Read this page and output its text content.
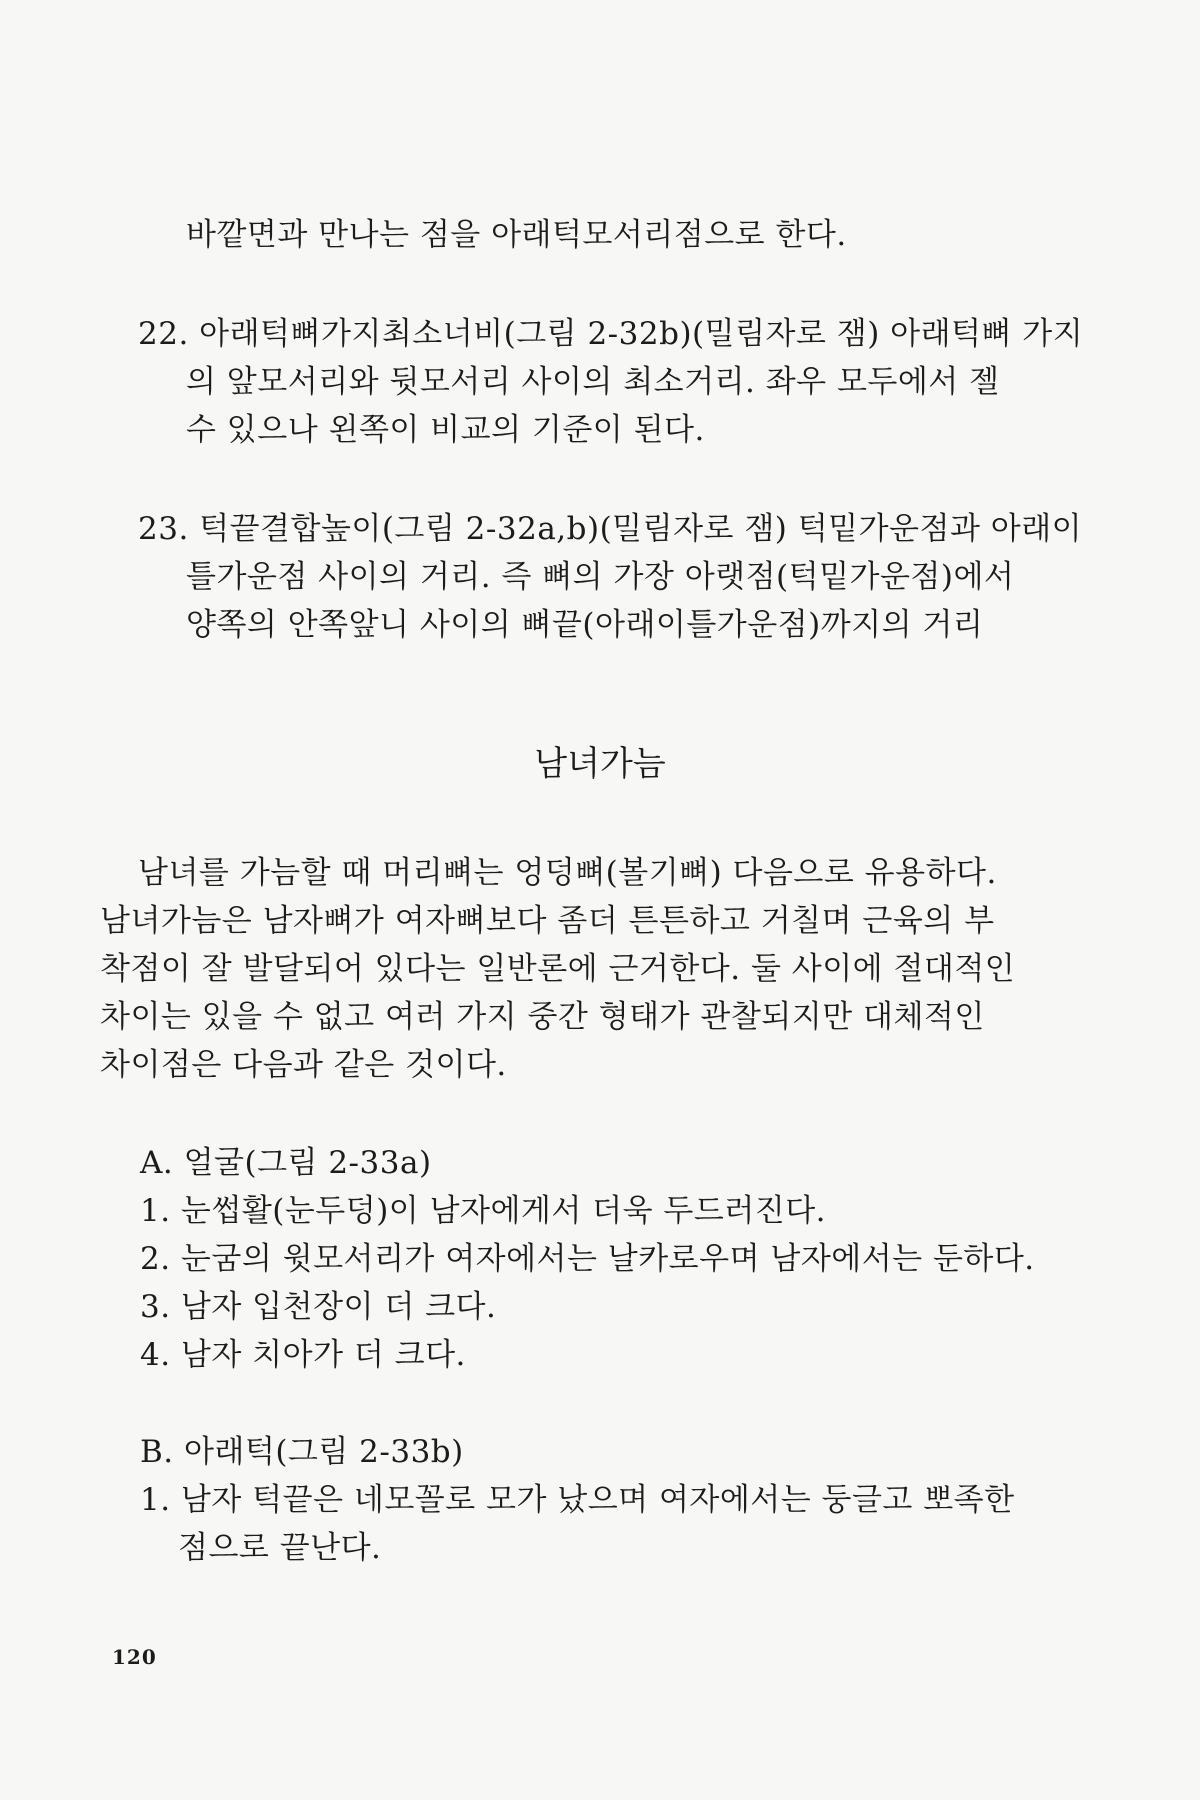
바깥면과 만나는 점을 아래턱모서리점으로 한다.
22. 아래턱뼈가지최소너비(그림 2-32b)(밀림자로 잼) 아래턱뼈 가지
의 앞모서리와 뒷모서리 사이의 최소거리. 좌우 모두에서 젤
수 있으나 왼쪽이 비교의 기준이 된다.
23. 턱끝결합높이(그림 2-32a,b)(밀림자로 잼) 턱밑가운점과 아래이
틀가운점 사이의 거리. 즉 뼈의 가장 아랫점(턱밑가운점)에서
양쪽의 안쪽앞니 사이의 뼈끝(아래이틀가운점)까지의 거리
남녀가늠
남녀를 가늠할 때 머리뼈는 엉덩뼈(볼기뼈) 다음으로 유용하다.
남녀가늠은 남자뼈가 여자뼈보다 좀더 튼튼하고 거칠며 근육의 부
착점이 잘 발달되어 있다는 일반론에 근거한다. 둘 사이에 절대적인
차이는 있을 수 없고 여러 가지 중간 형태가 관찰되지만 대체적인
차이점은 다음과 같은 것이다.
A. 얼굴(그림 2-33a)
1. 눈썹활(눈두덩)이 남자에게서 더욱 두드러진다.
2. 눈굼의 윗모서리가 여자에서는 날카로우며 남자에서는 둔하다.
3. 남자 입천장이 더 크다.
4. 남자 치아가 더 크다.
B. 아래턱(그림 2-33b)
1. 남자 턱끝은 네모꼴로 모가 났으며 여자에서는 둥글고 뽀족한
점으로 끝난다.
120
